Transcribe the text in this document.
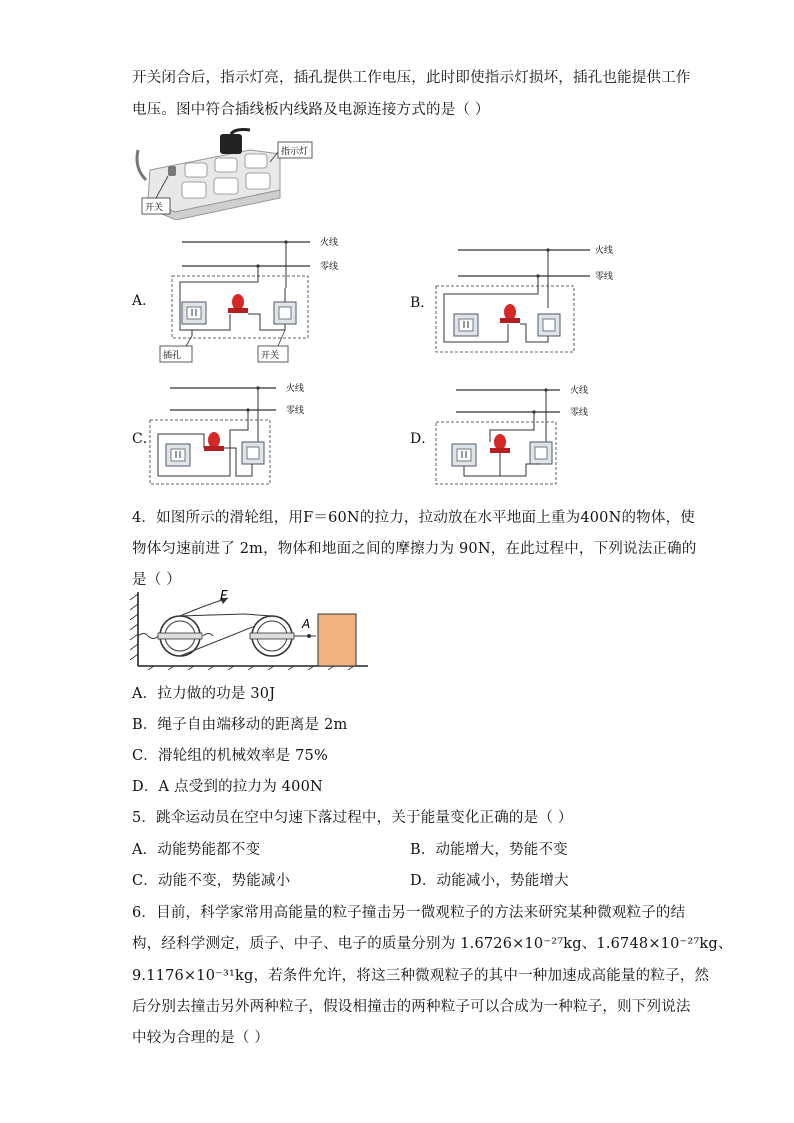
开关闭合后，指示灯亮，插孔提供工作电压，此时即使指示灯损坏，插孔也能提供工作
电压。图中符合插线板内线路及电源连接方式的是（ ）
指示灯
开关
A．
火线
零线
插孔	开关
B．
火线
零线
C．
火线
零线
D．
火线
零线
4．如图所示的滑轮组，用F＝60N的拉力，拉动放在水平地面上重为400N的物体，使
物体匀速前进了 2m，物体和地面之间的摩擦力为 90N，在此过程中，下列说法正确的
是（ ）
F
A
A．拉力做的功是 30J
B．绳子自由端移动的距离是 2m
C．滑轮组的机械效率是 75%
D．A 点受到的拉力为 400N
5．跳伞运动员在空中匀速下落过程中，关于能量变化正确的是（ ）
A．动能势能都不变	B．动能增大，势能不变
C．动能不变，势能减小	D．动能减小，势能增大
6．目前，科学家常用高能量的粒子撞击另一微观粒子的方法来研究某种微观粒子的结
构，经科学测定，质子、中子、电子的质量分别为 1.6726×10⁻²⁷kg、1.6748×10⁻²⁷kg、
9.1176×10⁻³¹kg，若条件允许，将这三种微观粒子的其中一种加速成高能量的粒子，然
后分别去撞击另外两种粒子，假设相撞击的两种粒子可以合成为一种粒子，则下列说法
中较为合理的是（ ）
